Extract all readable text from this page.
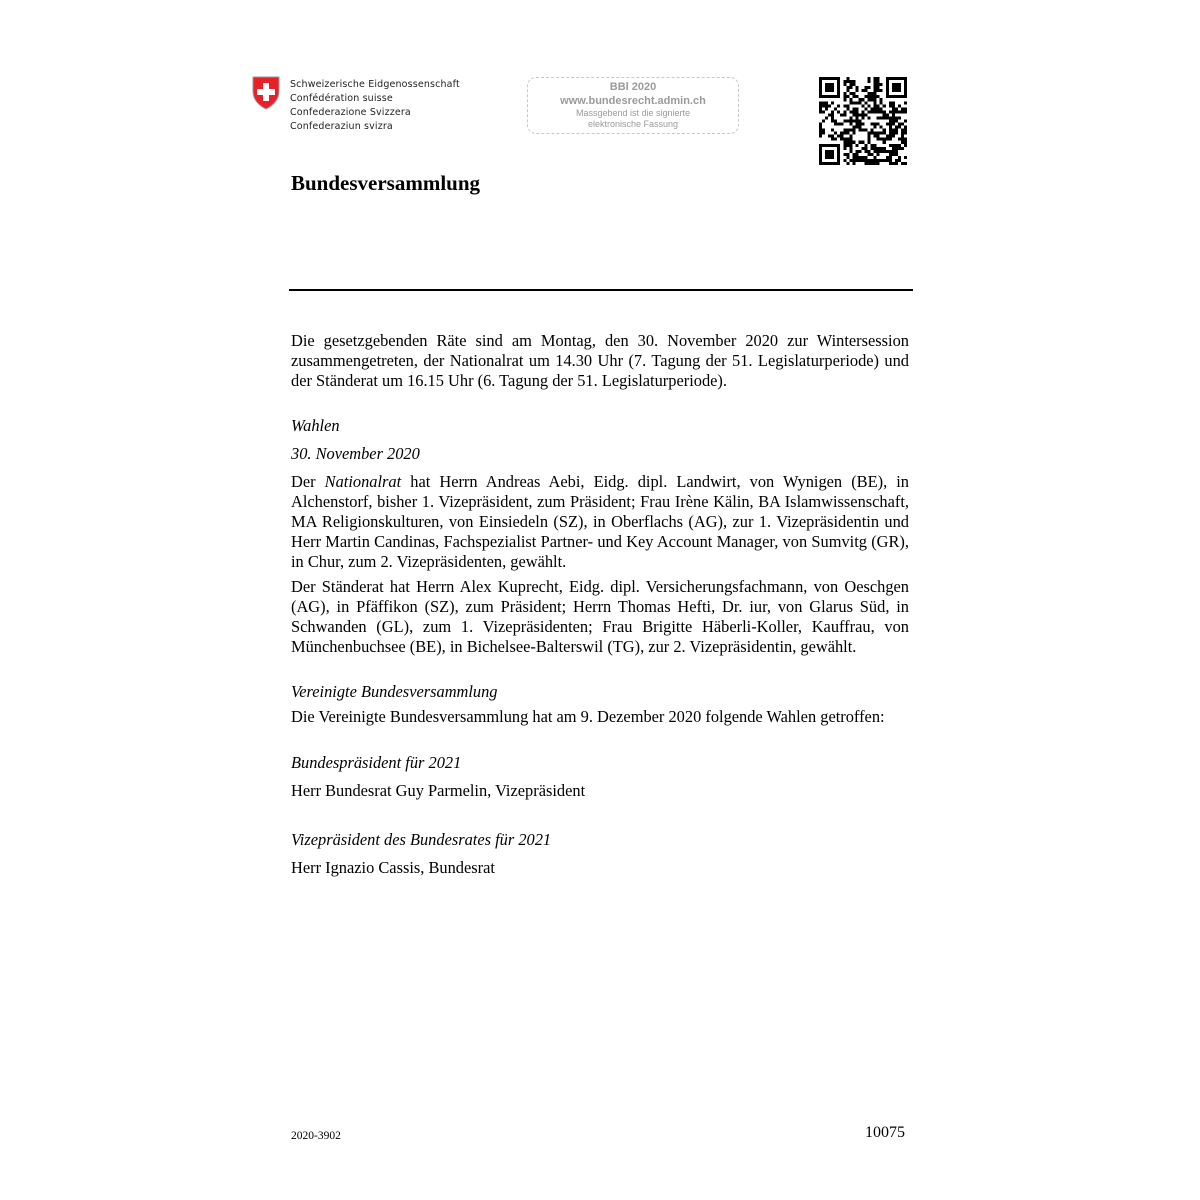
Schweizerische Eidgenossenschaft
Confédération suisse
Confederazione Svizzera
Confederaziun svizra
BBl 2020
www.bundesrecht.admin.ch
Massgebend ist die signierte
elektronische Fassung
Bundesversammlung

Die gesetzgebenden Räte sind am Montag, den 30. November 2020 zur Wintersession zusammengetreten, der Nationalrat um 14.30 Uhr (7. Tagung der 51. Legislaturperiode) und der Ständerat um 16.15 Uhr (6. Tagung der 51. Legislaturperiode).

Wahlen

30. November 2020

Der Nationalrat hat Herrn Andreas Aebi, Eidg. dipl. Landwirt, von Wynigen (BE), in Alchenstorf, bisher 1. Vizepräsident, zum Präsident; Frau Irène Kälin, BA Islamwissenschaft, MA Religionskulturen, von Einsiedeln (SZ), in Oberflachs (AG), zur 1. Vizepräsidentin und Herr Martin Candinas, Fachspezialist Partner- und Key Account Manager, von Sumvitg (GR), in Chur, zum 2. Vizepräsidenten, gewählt.

Der Ständerat hat Herrn Alex Kuprecht, Eidg. dipl. Versicherungsfachmann, von Oeschgen (AG), in Pfäffikon (SZ), zum Präsident; Herrn Thomas Hefti, Dr. iur, von Glarus Süd, in Schwanden (GL), zum 1. Vizepräsidenten; Frau Brigitte Häberli-Koller, Kauffrau, von Münchenbuchsee (BE), in Bichelsee-Balterswil (TG), zur 2. Vizepräsidentin, gewählt.

Vereinigte Bundesversammlung

Die Vereinigte Bundesversammlung hat am 9. Dezember 2020 folgende Wahlen getroffen:

Bundespräsident für 2021

Herr Bundesrat Guy Parmelin, Vizepräsident

Vizepräsident des Bundesrates für 2021

Herr Ignazio Cassis, Bundesrat

2020-3902	10075
